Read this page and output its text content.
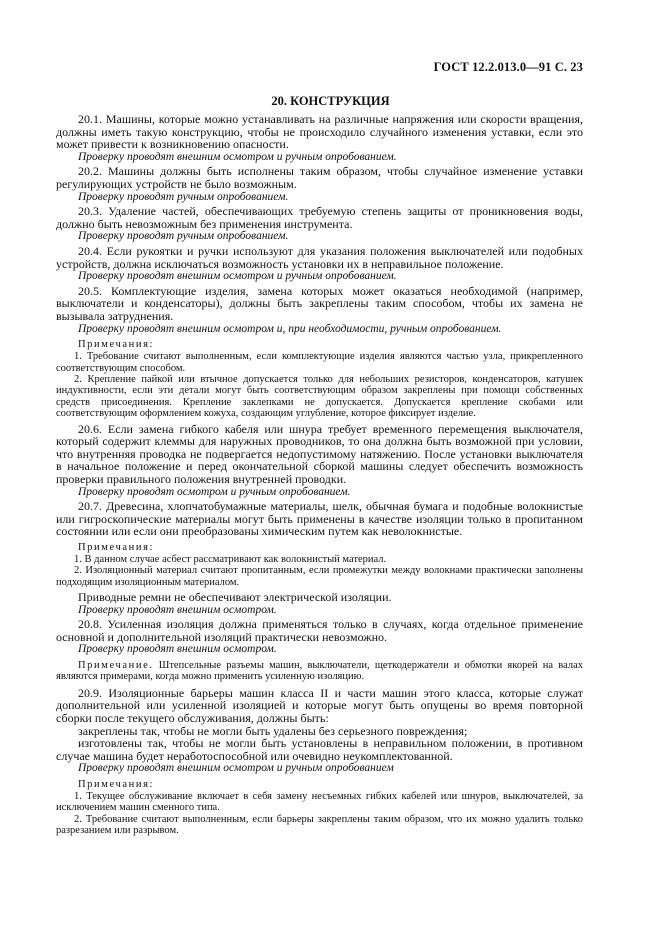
ГОСТ 12.2.013.0—91 С. 23
20. КОНСТРУКЦИЯ

20.1. Машины, которые можно устанавливать на различные напряжения или скорости вращения, должны иметь такую конструкцию, чтобы не происходило случайного изменения уставки, если это может привести к возникновению опасности.

Проверку проводят внешним осмотром и ручным опробованием.

20.2. Машины должны быть исполнены таким образом, чтобы случайное изменение уставки регулирующих устройств не было возможным.

Проверку проводят ручным опробованием.

20.3. Удаление частей, обеспечивающих требуемую степень защиты от проникновения воды, должно быть невозможным без применения инструмента.

Проверку проводят ручным опробованием.

20.4. Если рукоятки и ручки используют для указания положения выключателей или подобных устройств, должна исключаться возможность установки их в неправильное положение.

Проверку проводят внешним осмотром и ручным опробованием.

20.5. Комплектующие изделия, замена которых может оказаться необходимой (например, выключатели и конденсаторы), должны быть закреплены таким способом, чтобы их замена не вызывала затруднения.

Проверку проводят внешним осмотром и, при необходимости, ручным опробованием.

Примечания:

1. Требование считают выполненным, если комплектующие изделия являются частью узла, прикрепленного соответствующим способом.

2. Крепление пайкой или втычное допускается только для небольших резисторов, конденсаторов, катушек индуктивности, если эти детали могут быть соответствующим образом закреплены при помощи собственных средств присоединения. Крепление заклепками не допускается. Допускается крепление скобами или соответствующим оформлением кожуха, создающим углубление, которое фиксирует изделие.

20.6. Если замена гибкого кабеля или шнура требует временного перемещения выключателя, который содержит клеммы для наружных проводников, то она должна быть возможной при условии, что внутренняя проводка не подвергается недопустимому натяжению. После установки выключателя в начальное положение и перед окончательной сборкой машины следует обеспечить возможность проверки правильного положения внутренней проводки.

Проверку проводят осмотром и ручным опробованием.

20.7. Древесина, хлопчатобумажные материалы, шелк, обычная бумага и подобные волокнистые или гигроскопические материалы могут быть применены в качестве изоляции только в пропитанном состоянии или если они преобразованы химическим путем как неволокнистые.

Примечания:

1. В данном случае асбест рассматривают как волокнистый материал.

2. Изоляционный материал считают пропитанным, если промежутки между волокнами практически заполнены подходящим изоляционным материалом.

Приводные ремни не обеспечивают электрической изоляции.

Проверку проводят внешним осмотром.

20.8. Усиленная изоляция должна применяться только в случаях, когда отдельное применение основной и дополнительной изоляций практически невозможно.

Проверку проводят внешним осмотром.

Примечание. Штепсельные разъемы машин, выключатели, щеткодержатели и обмотки якорей на валах являются примерами, когда можно применить усиленную изоляцию.

20.9. Изоляционные барьеры машин класса II и части машин этого класса, которые служат дополнительной или усиленной изоляцией и которые могут быть опущены во время повторной сборки после текущего обслуживания, должны быть:

закреплены так, чтобы не могли быть удалены без серьезного повреждения;

изготовлены так, чтобы не могли быть установлены в неправильном положении, в противном случае машина будет неработоспособной или очевидно неукомплектованной.

Проверку проводят внешним осмотром и ручным опробованием

Примечания:

1. Текущее обслуживание включает в себя замену несъемных гибких кабелей или шнуров, выключателей, за исключением машин сменного типа.

2. Требование считают выполненным, если барьеры закреплены таким образом, что их можно удалить только разрезанием или разрывом.
